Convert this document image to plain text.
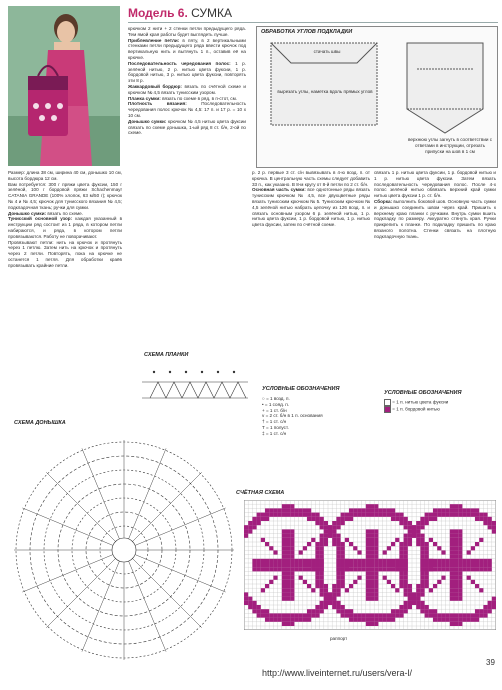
Модель 6. СУМКА
Размер: длина 38 см, ширина 40 см, донышко 10 см, высота бордюра 12 см.
Вам потребуется: 300 г пряжи цвета фуксии, 150 г зелёной, 100 г бордовой пряжи Schachenmayr CATANIA GRANDE (100% хлопок, 63 м/50 г); крючок № 4 и № 4,5; крючок для тунисского вязания № 4,5; подкладочная ткань; ручки для сумки.
Донышко сумки: вязать по схеме.
Тунисский основной узор: каждая указанный в инструкции ряд состоит из 1 ряда, в котором петли набираются, и ряда, в котором петли провязываются. Работу не поворачивают.
Провязывают петли: нить на крючок и протянуть через 1 петлю. Затем нить на крючок и протянуть через 2 петли. Повторять, пока на крючке не останется 1 петля. Для обработки краёв провязывать крайние петли.
крючком 2 нити + 2 стенки петли предыдущего ряда. Тем ямой края работы будет выглядеть лучше.
Приблевление петли: в пяту, в 2 вертикальными стенками петли предыдущего ряда ввести крючок под вертикальную нить и вытянуть 1 п., оставив её на крючке.
Последовательность чередования полос: 1 р. зелёной нитью, 2 р. нитью цвета фуксии, 1 р. бордовой нитью, 3 р. нитью цвета фуксии, повторять эти 8 р.
Жаккардовый бордюр: вязать по счётной схеме и крючком № 4,5 вязать тунисским узором.
Планка сумки: вязать по схеме в ряд, в п-стот, см.
Плотность вязания:	Последовательность чередования полос крючок № 4,5: 17 п. и 17 р. = 10 х 10 см.
Донышко сумки: крючком № 4,5 нитью цвета фуксии связать по схеме донышка, 1-ый ряд 8 ст. б/н, 2-ой по схеме.
ОБРАБОТКА УГЛОВ ПОДКЛАДКИ
стачать швы
вырезать углы, наметка вдоль прямых углов
верхнюю углы загнуть в соответствии с ответами в инструкции, отрезать припуски на шов в 1 см
р. 2 р. первые 3 ст. с/н вывязывать в 4-ю возд. п. от крючка. В центральную часть схемы следует добавить 33 п., как указано. В 8-м кругу от 8-й петли по 2 ст. б/н.
Основная часть сумки: все однотонные ряды вязать тунисским крючком № 4,5, все двухцветные ряды вязать тунисским крючком № 5. Тунисским крючком № 4,5 зелёной нитью набрать цепочку из 126 возд. п. и связать основным узором 6 р. зелёной нитью, 1 р. нитью цвета фуксии, 1 р. бордовой нитью, 1 р. нитью цвета фуксии, затем по счётной схеме.
связать 1 р. нитью цвета фуксии, 1 р. бордовой нитью и 1 р. нитью цвета фуксии. Затем вязать последовательность чередования полос. После 4-х полос зелёной нитью обвязать верхний край сумки нитью цвета фуксии 1 р. ст. б/н.
Сборка: выполнить боковой шов. Основную часть сумки и донышко соединить швом через край. Пришить к верхнему краю планки с ручками. Внутрь сумки вшить подкладку по размеру. Аккуратно стянуть края. Ручки прикрепить к планке. По подкладку пришить по краю вязаного полотна. Стенки связать на плотную подкладочную ткань.
СХЕМА ПЛАНКИ
УСЛОВНЫЕ ОБОЗНАЧЕНИЯ
○ = 1 возд. п.
• = 1 сояд. п.
+ = 1 ст. б/н
v = 2 ст. б/н в 1 п. основания
† = 1 ст. с/н
T = 1 полуст.
‡ = 1 ст. с/н
УСЛОВНЫЕ ОБОЗНАЧЕНИЯ
= 1 п. нитью цвета фуксии
= 1 п. бордовой нитью
СХЕМА ДОНЫШКА
СЧЁТНАЯ СХЕМА
раппорт
http://www.liveinternet.ru/users/vera-l/
39
